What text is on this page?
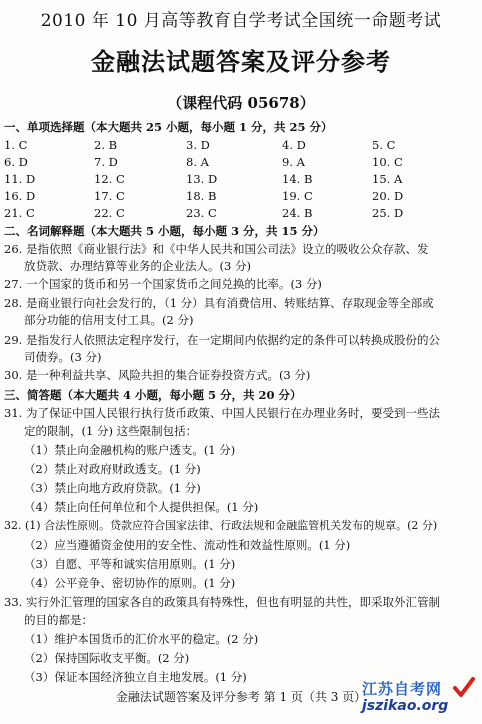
2010 年 10 月高等教育自学考试全国统一命题考试
金融法试题答案及评分参考
（课程代码 05678）
一、单项选择题（本大题共 25 小题，每小题 1 分，共 25 分）
1. C	2. B	3. D	4. D	5. C
6. D	7. D	8. A	9. A	10. C
11. D	12. C	13. D	14. B	15. A
16. D	17. C	18. B	19. C	20. D
21. C	22. C	23. C	24. B	25. D
二、名词解释题（本大题共 5 小题，每小题 3 分，共 15 分）
26. 是指依照《商业银行法》和《中华人民共和国公司法》设立的吸收公众存款、发
放贷款、办理结算等业务的企业法人。(3 分)
27. 一个国家的货币和另一个国家货币之间兑换的比率。(3 分)
28. 是商业银行向社会发行的，（1 分）具有消费信用、转账结算、存取现金等全部或
部分功能的信用支付工具。(2 分)
29. 是指发行人依照法定程序发行，在一定期间内依据约定的条件可以转换成股份的公
司债券。(3 分)
30. 是一种利益共享、风险共担的集合证券投资方式。(3 分)
三、简答题（本大题共 4 小题，每小题 5 分，共 20 分）
31. 为了保证中国人民银行执行货币政策、中国人民银行在办理业务时，要受到一些法
定的限制，(1 分) 这些限制包括：
（1）禁止向金融机构的账户透支。(1 分)
（2）禁止对政府财政透支。(1 分)
（3）禁止向地方政府贷款。(1 分)
（4）禁止向任何单位和个人提供担保。(1 分)
32. (1) 合法性原则。贷款应符合国家法律、行政法规和金融监管机关发布的规章。(2 分)
（2）应当遵循资金使用的安全性、流动性和效益性原则。(1 分)
（3）自愿、平等和诚实信用原则。(1 分)
（4）公平竞争、密切协作的原则。(1 分)
33. 实行外汇管理的国家各自的政策具有特殊性，但也有明显的共性，即采取外汇管制
的目的都是：
（1）维护本国货币的汇价水平的稳定。(2 分)
（2）保持国际收支平衡。(2 分)
（3）保证本国经济独立自主地发展。(1 分)
金融法试题答案及评分参考 第 1 页（共 3 页）
江苏自考网
jszikao.org
